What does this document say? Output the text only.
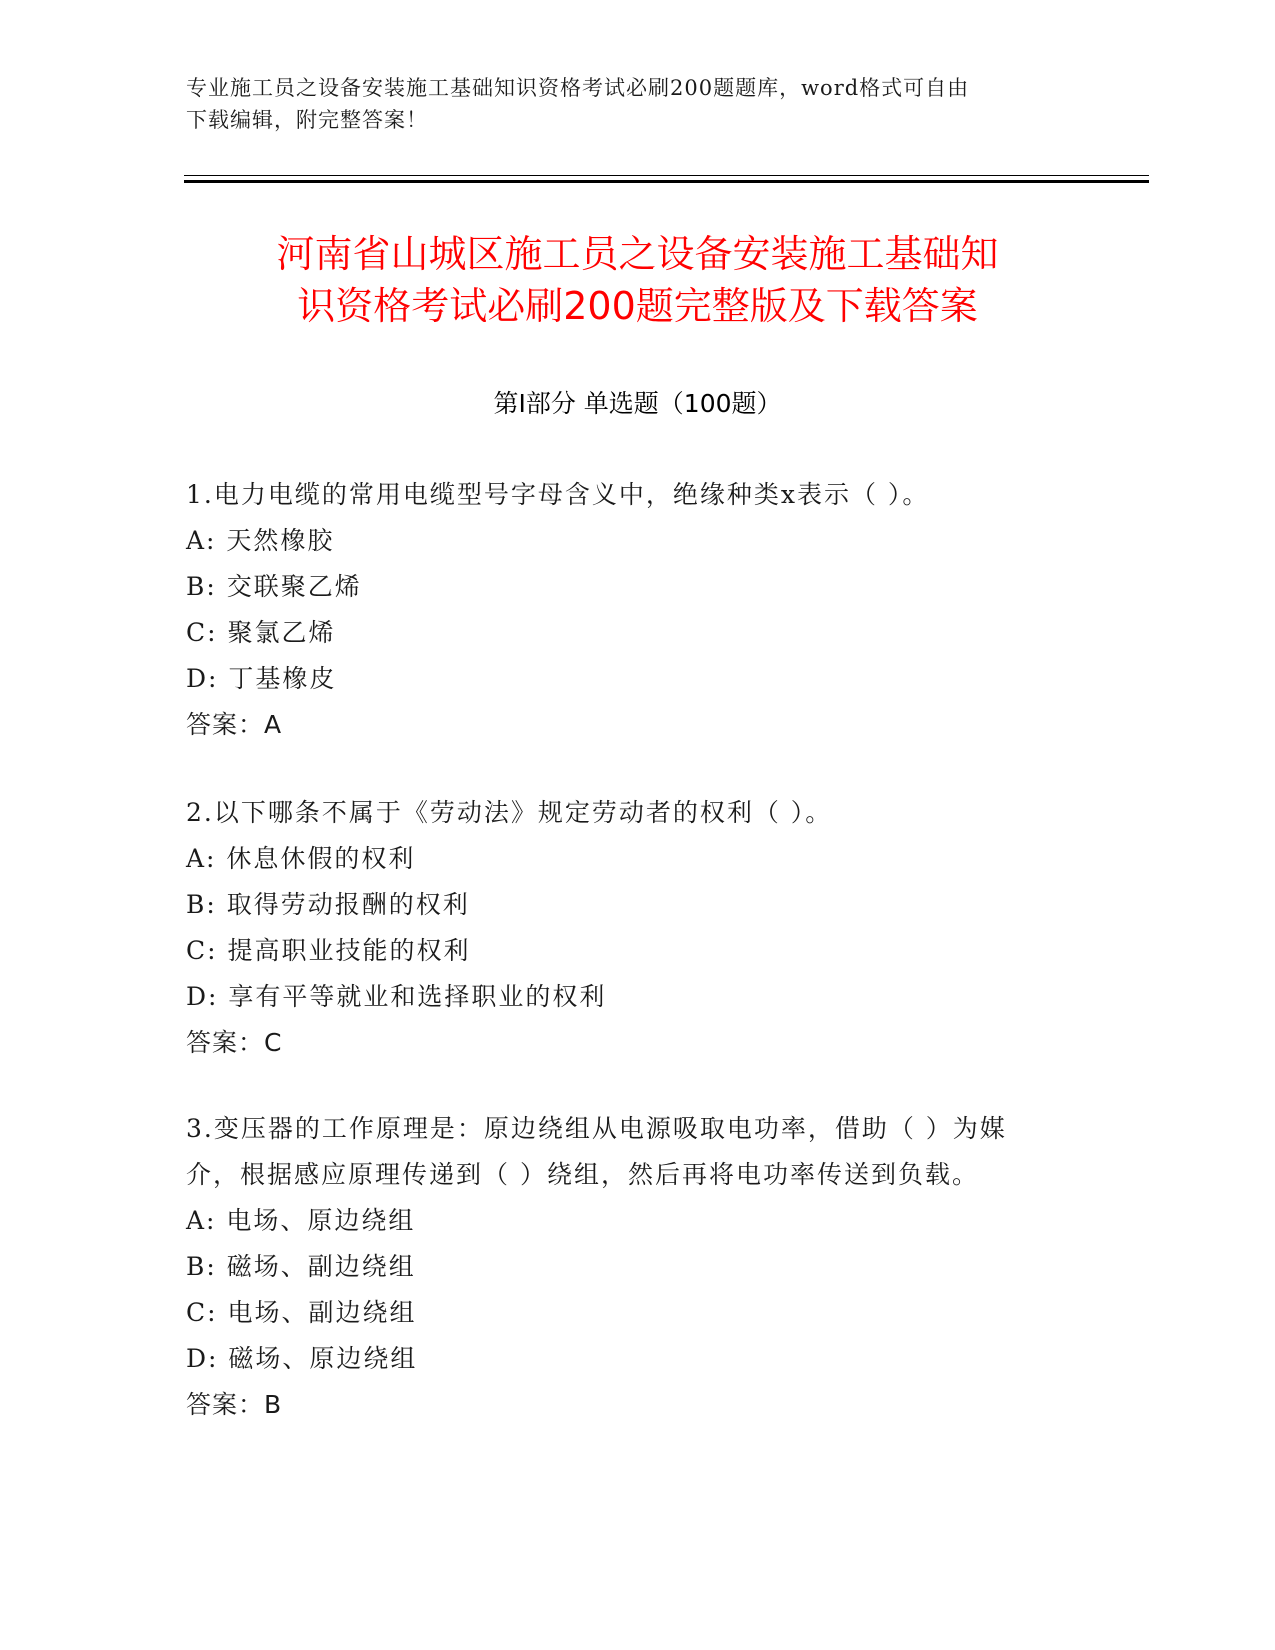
专业施工员之设备安装施工基础知识资格考试必刷200题题库，word格式可自由
下载编辑，附完整答案！
河南省山城区施工员之设备安装施工基础知
识资格考试必刷200题完整版及下载答案
第Ⅰ部分 单选题（100题）
1.电力电缆的常用电缆型号字母含义中，绝缘种类x表示（ ）。
A: 天然橡胶
B: 交联聚乙烯
C: 聚氯乙烯
D: 丁基橡皮
答案：A
2.以下哪条不属于《劳动法》规定劳动者的权利（ ）。
A: 休息休假的权利
B: 取得劳动报酬的权利
C: 提高职业技能的权利
D: 享有平等就业和选择职业的权利
答案：C
3.变压器的工作原理是：原边绕组从电源吸取电功率，借助（ ）为媒
介，根据感应原理传递到（ ）绕组，然后再将电功率传送到负载。
A: 电场、原边绕组
B: 磁场、副边绕组
C: 电场、副边绕组
D: 磁场、原边绕组
答案：B
